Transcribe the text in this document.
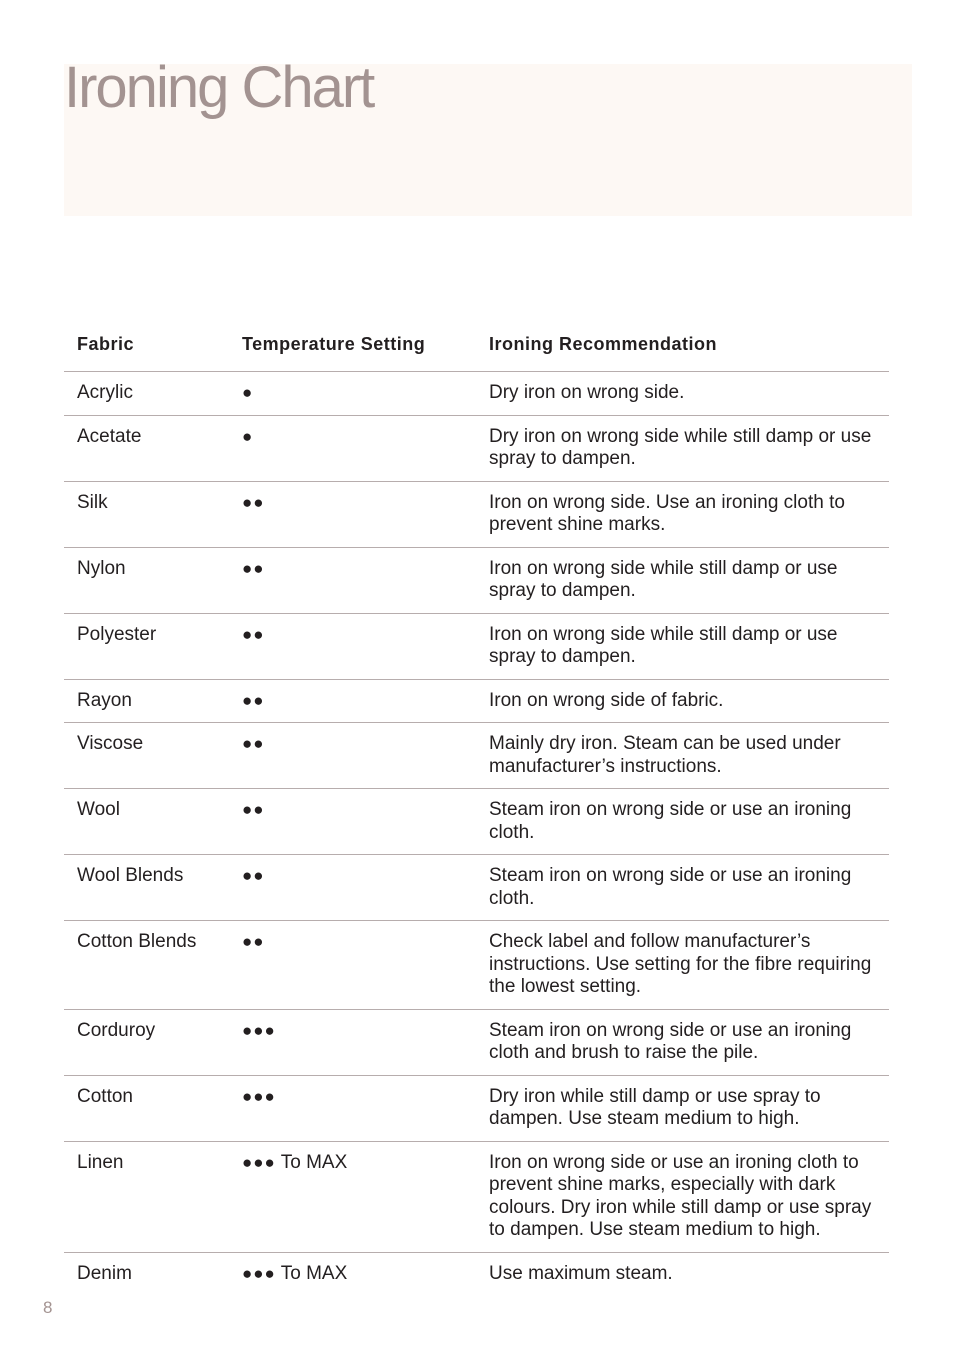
Ironing Chart
Fabric	Temperature Setting	Ironing Recommendation
Acrylic	●	Dry iron on wrong side.
Acetate	●	Dry iron on wrong side while still damp or use spray to dampen.
Silk	●●	Iron on wrong side. Use an ironing cloth to prevent shine marks.
Nylon	●●	Iron on wrong side while still damp or use spray to dampen.
Polyester	●●	Iron on wrong side while still damp or use spray to dampen.
Rayon	●●	Iron on wrong side of fabric.
Viscose	●●	Mainly dry iron. Steam can be used under manufacturer’s instructions.
Wool	●●	Steam iron on wrong side or use an ironing cloth.
Wool Blends	●●	Steam iron on wrong side or use an ironing cloth.
Cotton Blends	●●	Check label and follow manufacturer’s instructions. Use setting for the fibre requiring the lowest setting.
Corduroy	●●●	Steam iron on wrong side or use an ironing cloth and brush to raise the pile.
Cotton	●●●	Dry iron while still damp or use spray to dampen. Use steam medium to high.
Linen	●●● To MAX	Iron on wrong side or use an ironing cloth to prevent shine marks, especially with dark colours. Dry iron while still damp or use spray to dampen. Use steam medium to high.
Denim	●●● To MAX	Use maximum steam.
8
